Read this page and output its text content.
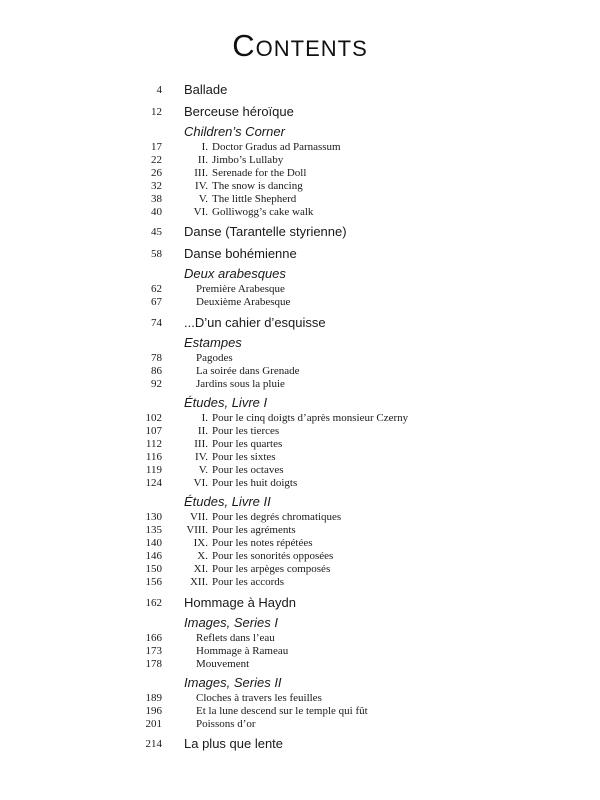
Contents
4 Ballade
12 Berceuse héroïque
Children’s Corner
17	I. Doctor Gradus ad Parnassum
22	II. Jimbo’s Lullaby
26	III. Serenade for the Doll
32	IV. The snow is dancing
38	V. The little Shepherd
40	VI. Golliwogg’s cake walk
45 Danse (Tarantelle styrienne)
58 Danse bohémienne
Deux arabesques
62	Première Arabesque
67	Deuxième Arabesque
74 ...D’un cahier d’esquisse
Estampes
78	Pagodes
86	La soirée dans Grenade
92	Jardins sous la pluie
Études, Livre I
102	I. Pour le cinq doigts d’après monsieur Czerny
107	II. Pour les tierces
112	III. Pour les quartes
116	IV. Pour les sixtes
119	V. Pour les octaves
124	VI. Pour les huit doigts
Études, Livre II
130	VII. Pour les degrés chromatiques
135	VIII. Pour les agréments
140	IX. Pour les notes répétées
146	X. Pour les sonorités opposées
150	XI. Pour les arpèges composés
156	XII. Pour les accords
162 Hommage à Haydn
Images, Series I
166	Reflets dans l’eau
173	Hommage à Rameau
178	Mouvement
Images, Series II
189	Cloches à travers les feuilles
196	Et la lune descend sur le temple qui fût
201	Poissons d’or
214 La plus que lente
